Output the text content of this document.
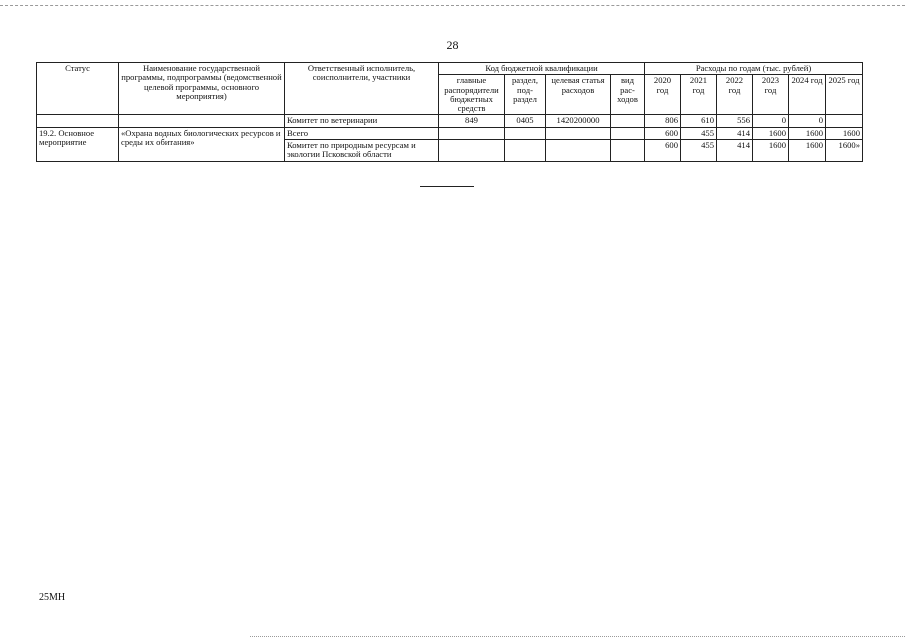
28
Статус	Наименование государственной программы, подпрограммы (ведомственной целевой программы, основного мероприятия)	Ответственный исполнитель, соисполнители, участники	Код бюджетной квалификации				Расходы по годам (тыс. рублей)					
			главные распорядители бюджетных средств	раздел, под-раздел	целевая статья расходов	вид рас-ходов	2020 год	2021 год	2022 год	2023 год	2024 год	2025 год
		Комитет по ветеринарии	849	0405	1420200000		806	610	556	0	0	
19.2. Основное мероприятие	«Охрана водных биологических ресурсов и среды их обитания»	Всего					600	455	414	1600	1600	1600
		Комитет по природным ресурсам и экологии Псковской области					600	455	414	1600	1600	1600»
25МН
